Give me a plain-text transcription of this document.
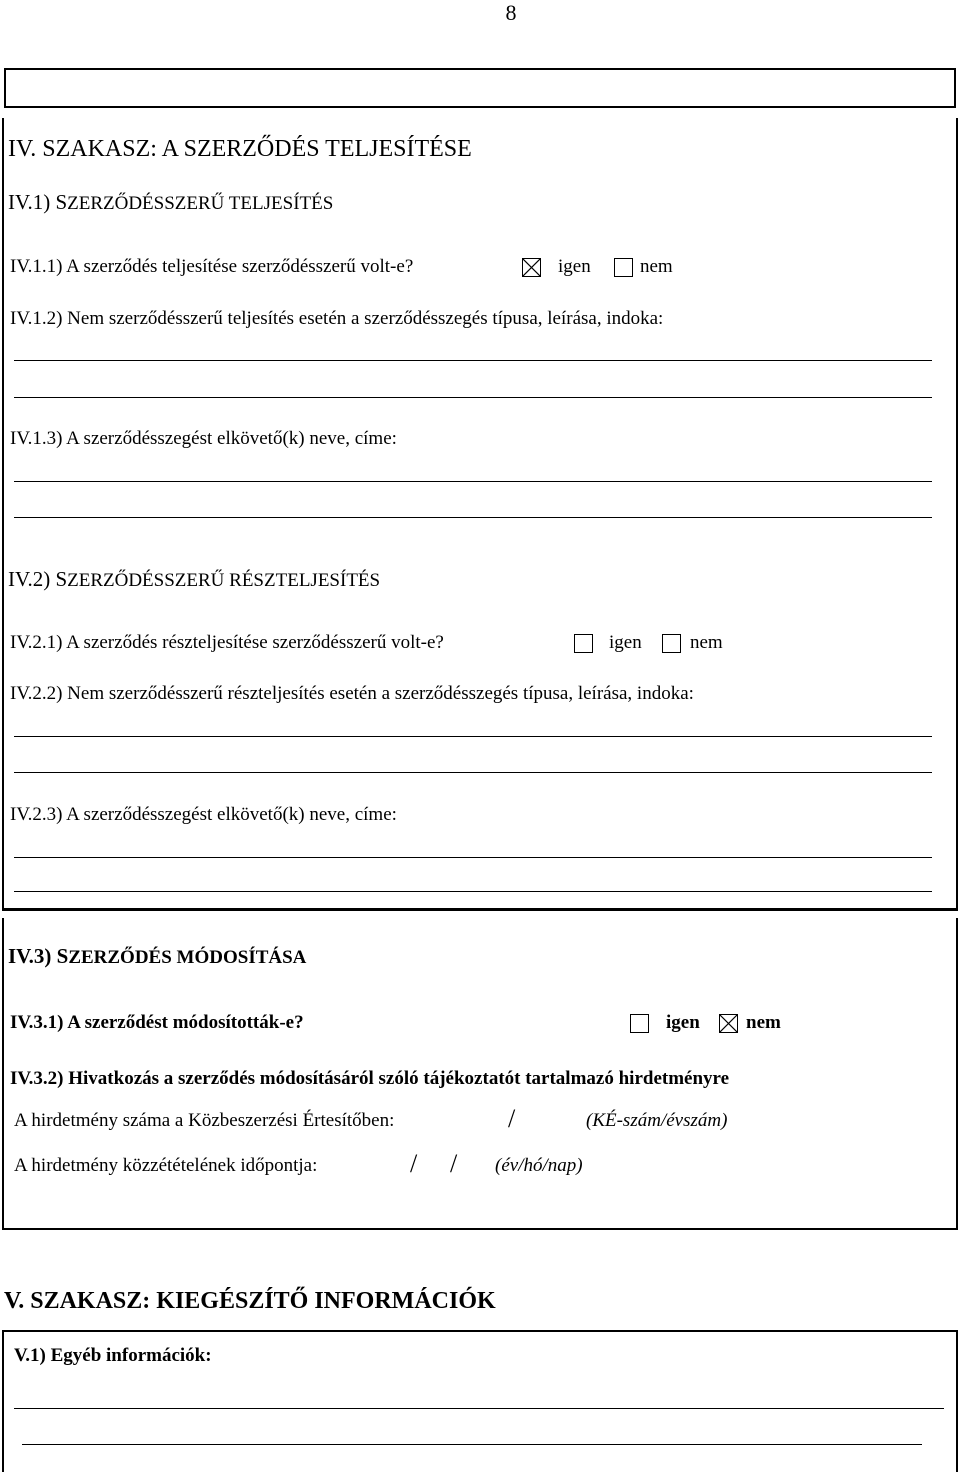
8
IV. SZAKASZ: A SZERZŐDÉS TELJESÍTÉSE
IV.1) SZERZŐDÉSSZERŰ TELJESÍTÉS
IV.1.1) A szerződés teljesítése szerződésszerű volt-e?	igen	nem
IV.1.2) Nem szerződésszerű teljesítés esetén a szerződésszegés típusa, leírása, indoka:
IV.1.3) A szerződésszegést elkövető(k) neve, címe:
IV.2) SZERZŐDÉSSZERŰ RÉSZTELJESÍTÉS
IV.2.1) A szerződés részteljesítése szerződésszerű volt-e?	igen	nem
IV.2.2) Nem szerződésszerű részteljesítés esetén a szerződésszegés típusa, leírása, indoka:
IV.2.3) A szerződésszegést elkövető(k) neve, címe:
IV.3) SZERZŐDÉS MÓDOSÍTÁSA
IV.3.1) A szerződést módosították-e?	igen nem
IV.3.2) Hivatkozás a szerződés módosításáról szóló tájékoztatót tartalmazó hirdetményre
A hirdetmény száma a Közbeszerzési Értesítőben:	/	(KÉ-szám/évszám)
A hirdetmény közzétételének időpontja:	/ / (év/hó/nap)
V. SZAKASZ: KIEGÉSZÍTŐ INFORMÁCIÓK
V.1) Egyéb információk:
